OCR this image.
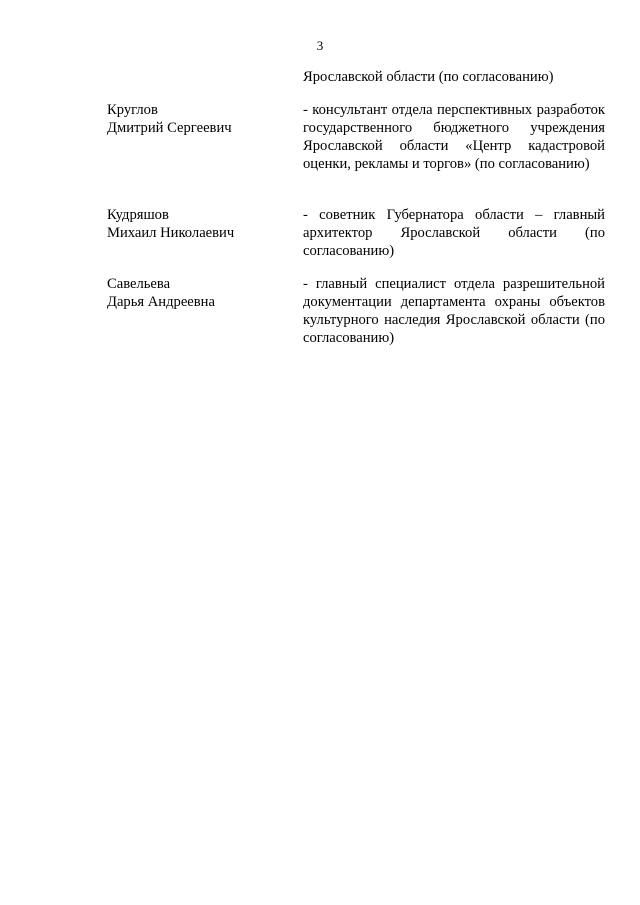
3
Ярославской области (по согласованию)
Круглов
Дмитрий Сергеевич
- консультант отдела перспективных разработок государственного бюджетного учреждения Ярославской области «Центр кадастровой оценки, рекламы и торгов» (по согласованию)
Кудряшов
Михаил Николаевич
- советник Губернатора области – главный архитектор Ярославской области (по согласованию)
Савельева
Дарья Андреевна
- главный специалист отдела разрешительной документации департамента охраны объектов культурного наследия Ярославской области (по согласованию)
